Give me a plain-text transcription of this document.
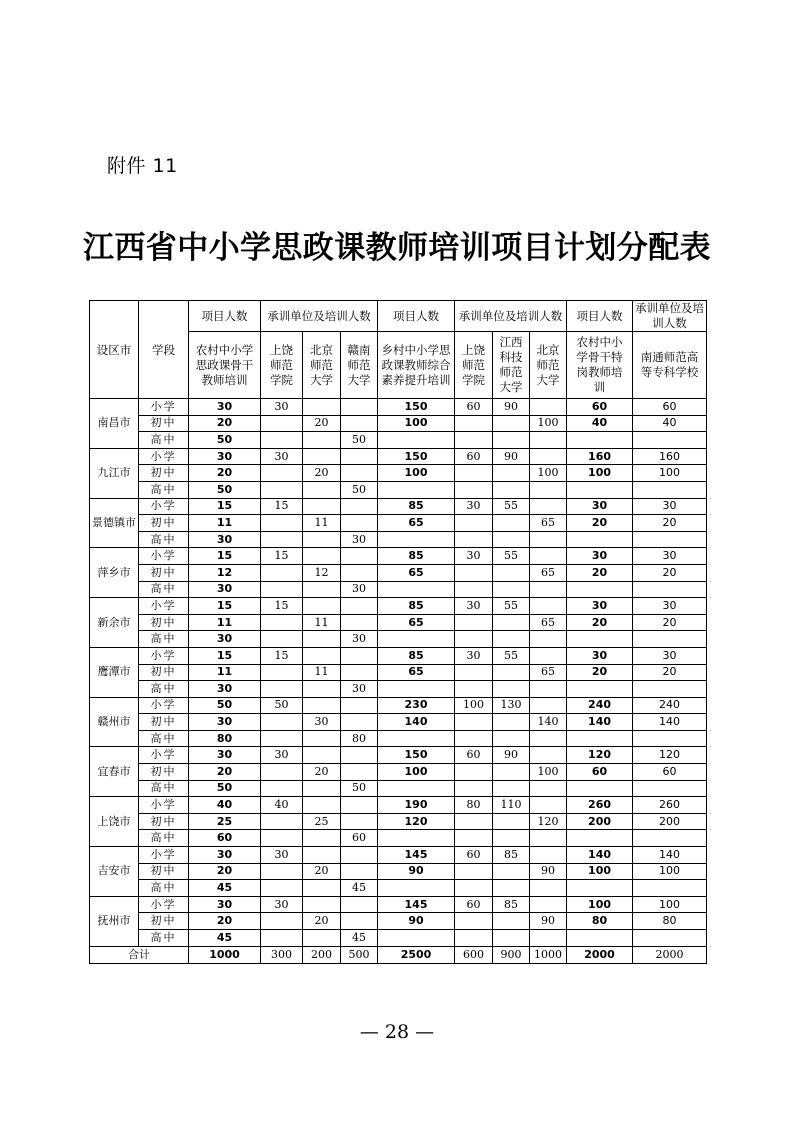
附件 11
江西省中小学思政课教师培训项目计划分配表
设区市	学段	项目人数	承训单位及培训人数			项目人数	承训单位及培训人数			项目人数	承训单位及培训人数
		农村中小学思政课骨干教师培训	上饶师范学院	北京师范大学	赣南师范大学	乡村中小学思政课教师综合素养提升培训	上饶师范学院	江西科技师范大学	北京师范大学	农村中小学骨干特岗教师培训	南通师范高等专科学校
南昌市	小学	30	30			150	60	90		60	60
	初中	20		20		100			100	40	40
	高中	50			50						
九江市	小学	30	30			150	60	90		160	160
	初中	20		20		100			100	100	100
	高中	50			50						
景德镇市	小学	15	15			85	30	55		30	30
	初中	11		11		65			65	20	20
	高中	30			30						
萍乡市	小学	15	15			85	30	55		30	30
	初中	12		12		65			65	20	20
	高中	30			30						
新余市	小学	15	15			85	30	55		30	30
	初中	11		11		65			65	20	20
	高中	30			30						
鹰潭市	小学	15	15			85	30	55		30	30
	初中	11		11		65			65	20	20
	高中	30			30						
赣州市	小学	50	50			230	100	130		240	240
	初中	30		30		140			140	140	140
	高中	80			80						
宜春市	小学	30	30			150	60	90		120	120
	初中	20		20		100			100	60	60
	高中	50			50						
上饶市	小学	40	40			190	80	110		260	260
	初中	25		25		120			120	200	200
	高中	60			60						
吉安市	小学	30	30			145	60	85		140	140
	初中	20		20		90			90	100	100
	高中	45			45						
抚州市	小学	30	30			145	60	85		100	100
	初中	20		20		90			90	80	80
	高中	45			45						
合计		1000	300	200	500	2500	600	900	1000	2000	2000
— 28 —
